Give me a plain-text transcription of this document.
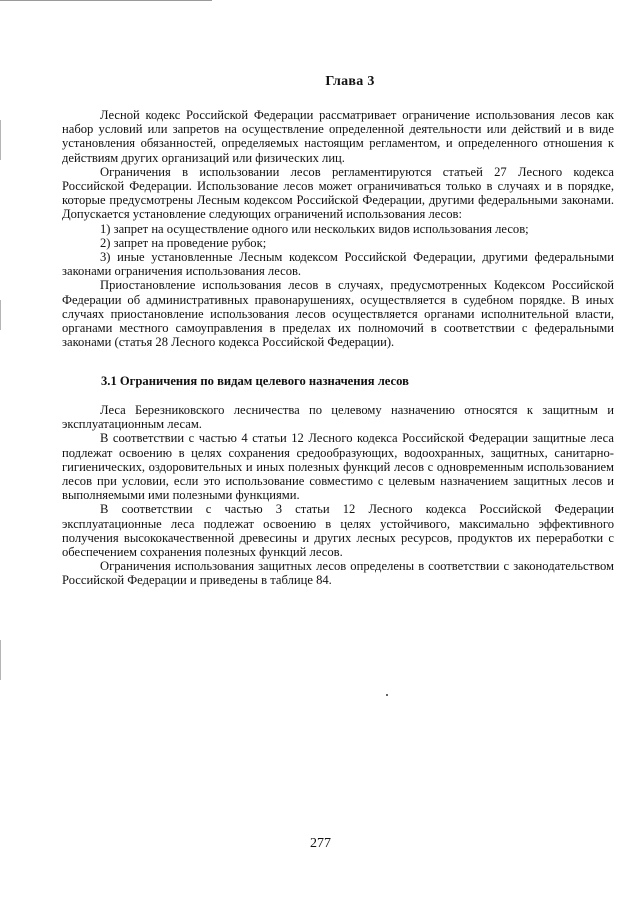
Глава 3

Лесной кодекс Российской Федерации рассматривает ограничение использования лесов как набор условий или запретов на осуществление определенной деятельности или действий и в виде установления обязанностей, определяемых настоящим регламентом, и определенного отношения к действиям других организаций или физических лиц.

Ограничения в использовании лесов регламентируются статьей 27 Лесного кодекса Российской Федерации. Использование лесов может ограничиваться только в случаях и в порядке, которые предусмотрены Лесным кодексом Российской Федерации, другими федеральными законами. Допускается установление следующих ограничений использования лесов:

1) запрет на осуществление одного или нескольких видов использования лесов;

2) запрет на проведение рубок;

3) иные установленные Лесным кодексом Российской Федерации, другими федеральными законами ограничения использования лесов.

Приостановление использования лесов в случаях, предусмотренных Кодексом Российской Федерации об административных правонарушениях, осуществляется в судебном порядке. В иных случаях приостановление использования лесов осуществляется органами исполнительной власти, органами местного самоуправления в пределах их полномочий в соответствии с федеральными законами (статья 28 Лесного кодекса Российской Федерации).

3.1 Ограничения по видам целевого назначения лесов

Леса Березниковского лесничества по целевому назначению относятся к защитным и эксплуатационным лесам.

В соответствии с частью 4 статьи 12 Лесного кодекса Российской Федерации защитные леса подлежат освоению в целях сохранения средообразующих, водоохранных, защитных, санитарно-гигиенических, оздоровительных и иных полезных функций лесов с одновременным использованием лесов при условии, если это использование совместимо с целевым назначением защитных лесов и выполняемыми ими полезными функциями.

В соответствии с частью 3 статьи 12 Лесного кодекса Российской Федерации эксплуатационные леса подлежат освоению в целях устойчивого, максимально эффективного получения высококачественной древесины и других лесных ресурсов, продуктов их переработки с обеспечением сохранения полезных функций лесов.

Ограничения использования защитных лесов определены в соответствии с законодательством Российской Федерации и приведены в таблице 84.

277
